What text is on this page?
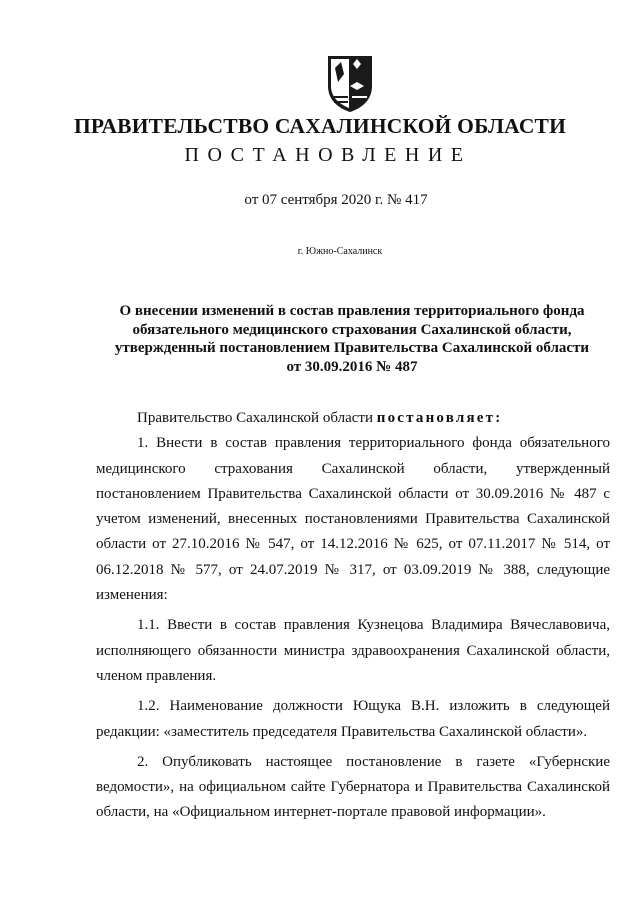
ПРАВИТЕЛЬСТВО САХАЛИНСКОЙ ОБЛАСТИ
ПОСТАНОВЛЕНИЕ
от 07 сентября 2020 г. № 417
г. Южно-Сахалинск
О внесении изменений в состав правления территориального фонда обязательного медицинского страхования Сахалинской области, утвержденный постановлением Правительства Сахалинской области от 30.09.2016 № 487

Правительство Сахалинской области постановляет:

1. Внести в состав правления территориального фонда обязательного медицинского страхования Сахалинской области, утвержденный постановлением Правительства Сахалинской области от 30.09.2016 № 487 с учетом изменений, внесенных постановлениями Правительства Сахалинской области от 27.10.2016 № 547, от 14.12.2016 № 625, от 07.11.2017 № 514, от 06.12.2018 № 577, от 24.07.2019 № 317, от 03.09.2019 № 388, следующие изменения:

1.1. Ввести в состав правления Кузнецова Владимира Вячеславовича, исполняющего обязанности министра здравоохранения Сахалинской области, членом правления.

1.2. Наименование должности Ющука В.Н. изложить в следующей редакции: «заместитель председателя Правительства Сахалинской области».

2. Опубликовать настоящее постановление в газете «Губернские ведомости», на официальном сайте Губернатора и Правительства Сахалинской области, на «Официальном интернет-портале правовой информации».
